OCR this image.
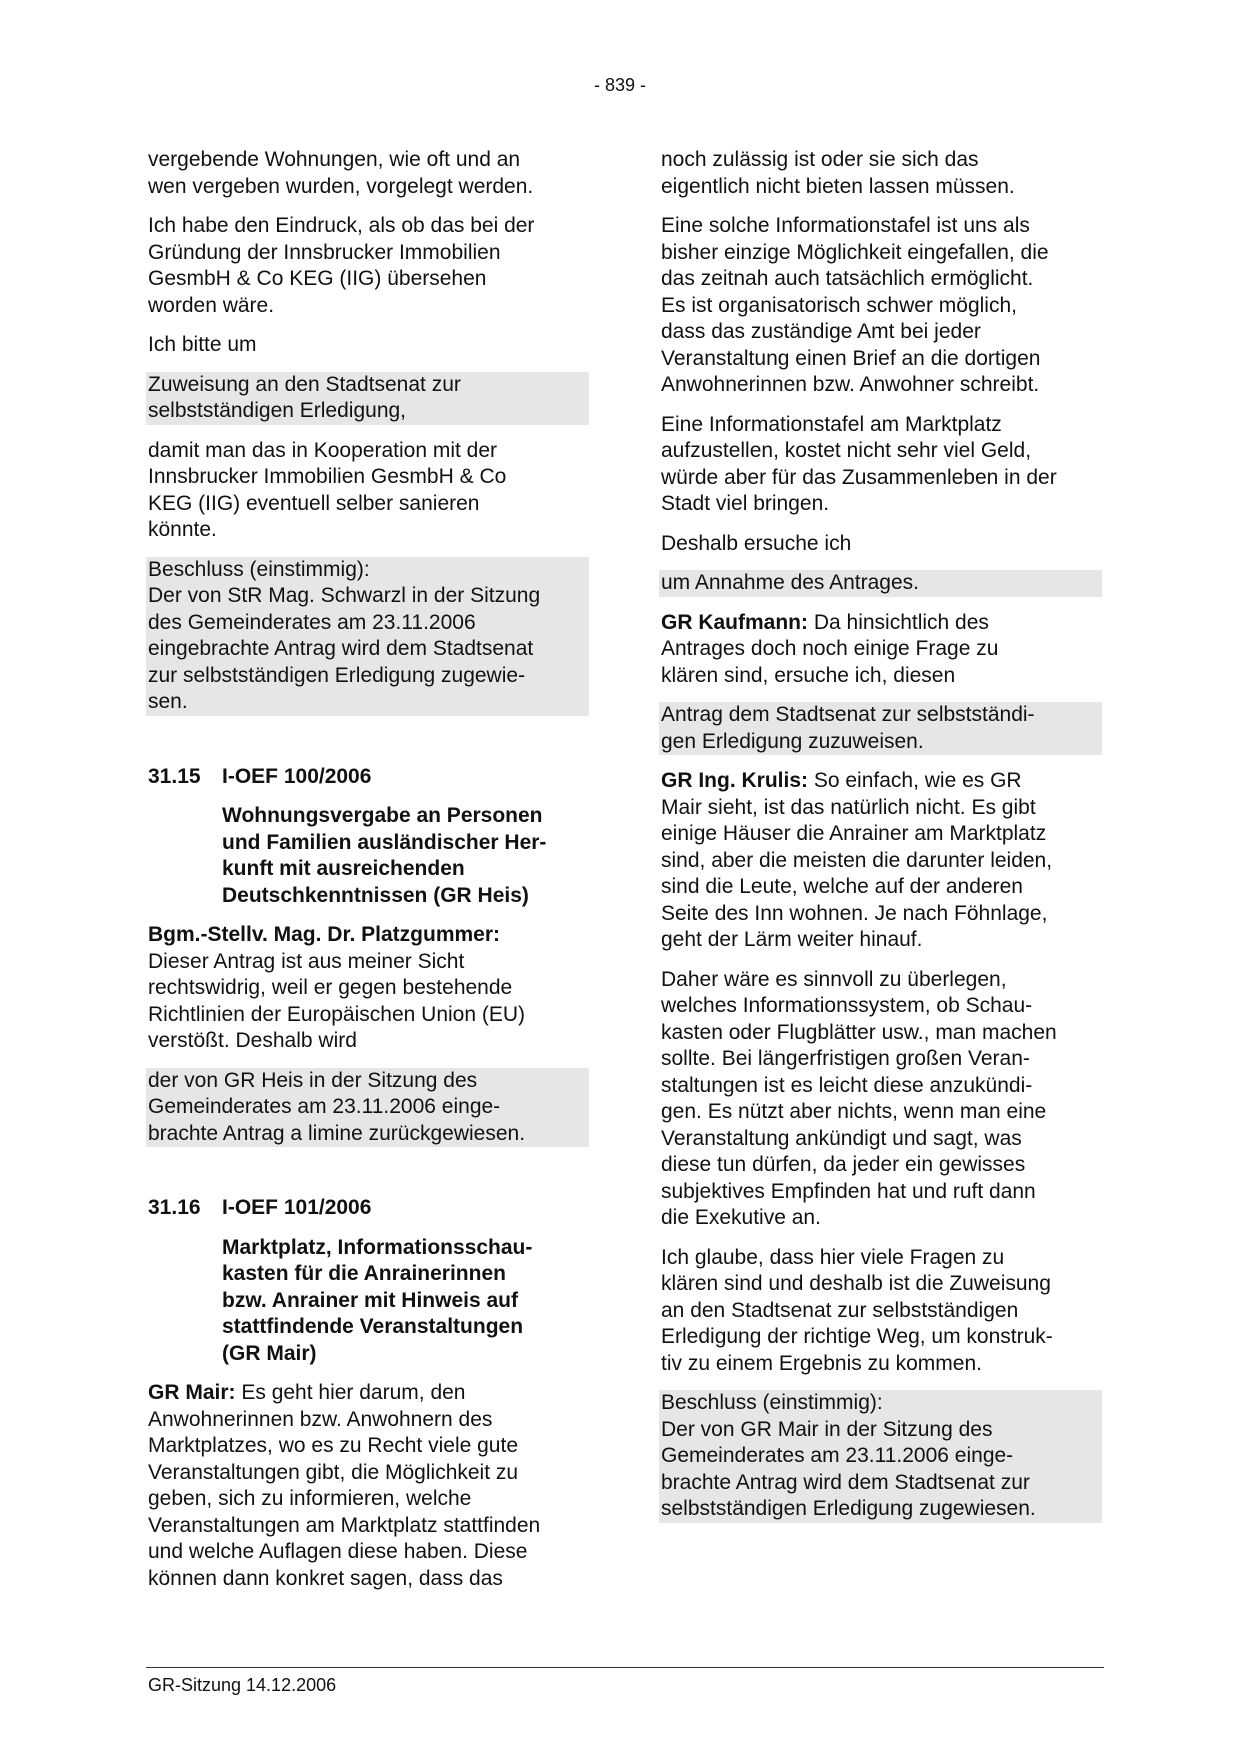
- 839 -
vergebende Wohnungen, wie oft und an
wen vergeben wurden, vorgelegt werden.
Ich habe den Eindruck, als ob das bei der
Gründung der Innsbrucker Immobilien
GesmbH & Co KEG (IIG) übersehen
worden wäre.
Ich bitte um
Zuweisung an den Stadtsenat zur
selbstständigen Erledigung,
damit man das in Kooperation mit der
Innsbrucker Immobilien GesmbH & Co
KEG (IIG) eventuell selber sanieren
könnte.
Beschluss (einstimmig):
Der von StR Mag. Schwarzl in der Sitzung
des Gemeinderates am 23.11.2006
eingebrachte Antrag wird dem Stadtsenat
zur selbstständigen Erledigung zugewie-
sen.
31.15	I-OEF 100/2006
Wohnungsvergabe an Personen
und Familien ausländischer Her-
kunft mit ausreichenden
Deutschkenntnissen (GR Heis)
Bgm.-Stellv. Mag. Dr. Platzgummer:
Dieser Antrag ist aus meiner Sicht
rechtswidrig, weil er gegen bestehende
Richtlinien der Europäischen Union (EU)
verstößt. Deshalb wird
der von GR Heis in der Sitzung des
Gemeinderates am 23.11.2006 einge-
brachte Antrag a limine zurückgewiesen.
31.16	I-OEF 101/2006
Marktplatz, Informationsschau-
kasten für die Anrainerinnen
bzw. Anrainer mit Hinweis auf
stattfindende Veranstaltungen
(GR Mair)
GR Mair: Es geht hier darum, den
Anwohnerinnen bzw. Anwohnern des
Marktplatzes, wo es zu Recht viele gute
Veranstaltungen gibt, die Möglichkeit zu
geben, sich zu informieren, welche
Veranstaltungen am Marktplatz stattfinden
und welche Auflagen diese haben. Diese
können dann konkret sagen, dass das
noch zulässig ist oder sie sich das
eigentlich nicht bieten lassen müssen.
Eine solche Informationstafel ist uns als
bisher einzige Möglichkeit eingefallen, die
das zeitnah auch tatsächlich ermöglicht.
Es ist organisatorisch schwer möglich,
dass das zuständige Amt bei jeder
Veranstaltung einen Brief an die dortigen
Anwohnerinnen bzw. Anwohner schreibt.
Eine Informationstafel am Marktplatz
aufzustellen, kostet nicht sehr viel Geld,
würde aber für das Zusammenleben in der
Stadt viel bringen.
Deshalb ersuche ich
um Annahme des Antrages.
GR Kaufmann: Da hinsichtlich des
Antrages doch noch einige Frage zu
klären sind, ersuche ich, diesen
Antrag dem Stadtsenat zur selbstständi-
gen Erledigung zuzuweisen.
GR Ing. Krulis: So einfach, wie es GR
Mair sieht, ist das natürlich nicht. Es gibt
einige Häuser die Anrainer am Marktplatz
sind, aber die meisten die darunter leiden,
sind die Leute, welche auf der anderen
Seite des Inn wohnen. Je nach Föhnlage,
geht der Lärm weiter hinauf.
Daher wäre es sinnvoll zu überlegen,
welches Informationssystem, ob Schau-
kasten oder Flugblätter usw., man machen
sollte. Bei längerfristigen großen Veran-
staltungen ist es leicht diese anzukündi-
gen. Es nützt aber nichts, wenn man eine
Veranstaltung ankündigt und sagt, was
diese tun dürfen, da jeder ein gewisses
subjektives Empfinden hat und ruft dann
die Exekutive an.
Ich glaube, dass hier viele Fragen zu
klären sind und deshalb ist die Zuweisung
an den Stadtsenat zur selbstständigen
Erledigung der richtige Weg, um konstruk-
tiv zu einem Ergebnis zu kommen.
Beschluss (einstimmig):
Der von GR Mair in der Sitzung des
Gemeinderates am 23.11.2006 einge-
brachte Antrag wird dem Stadtsenat zur
selbstständigen Erledigung zugewiesen.
GR-Sitzung 14.12.2006
